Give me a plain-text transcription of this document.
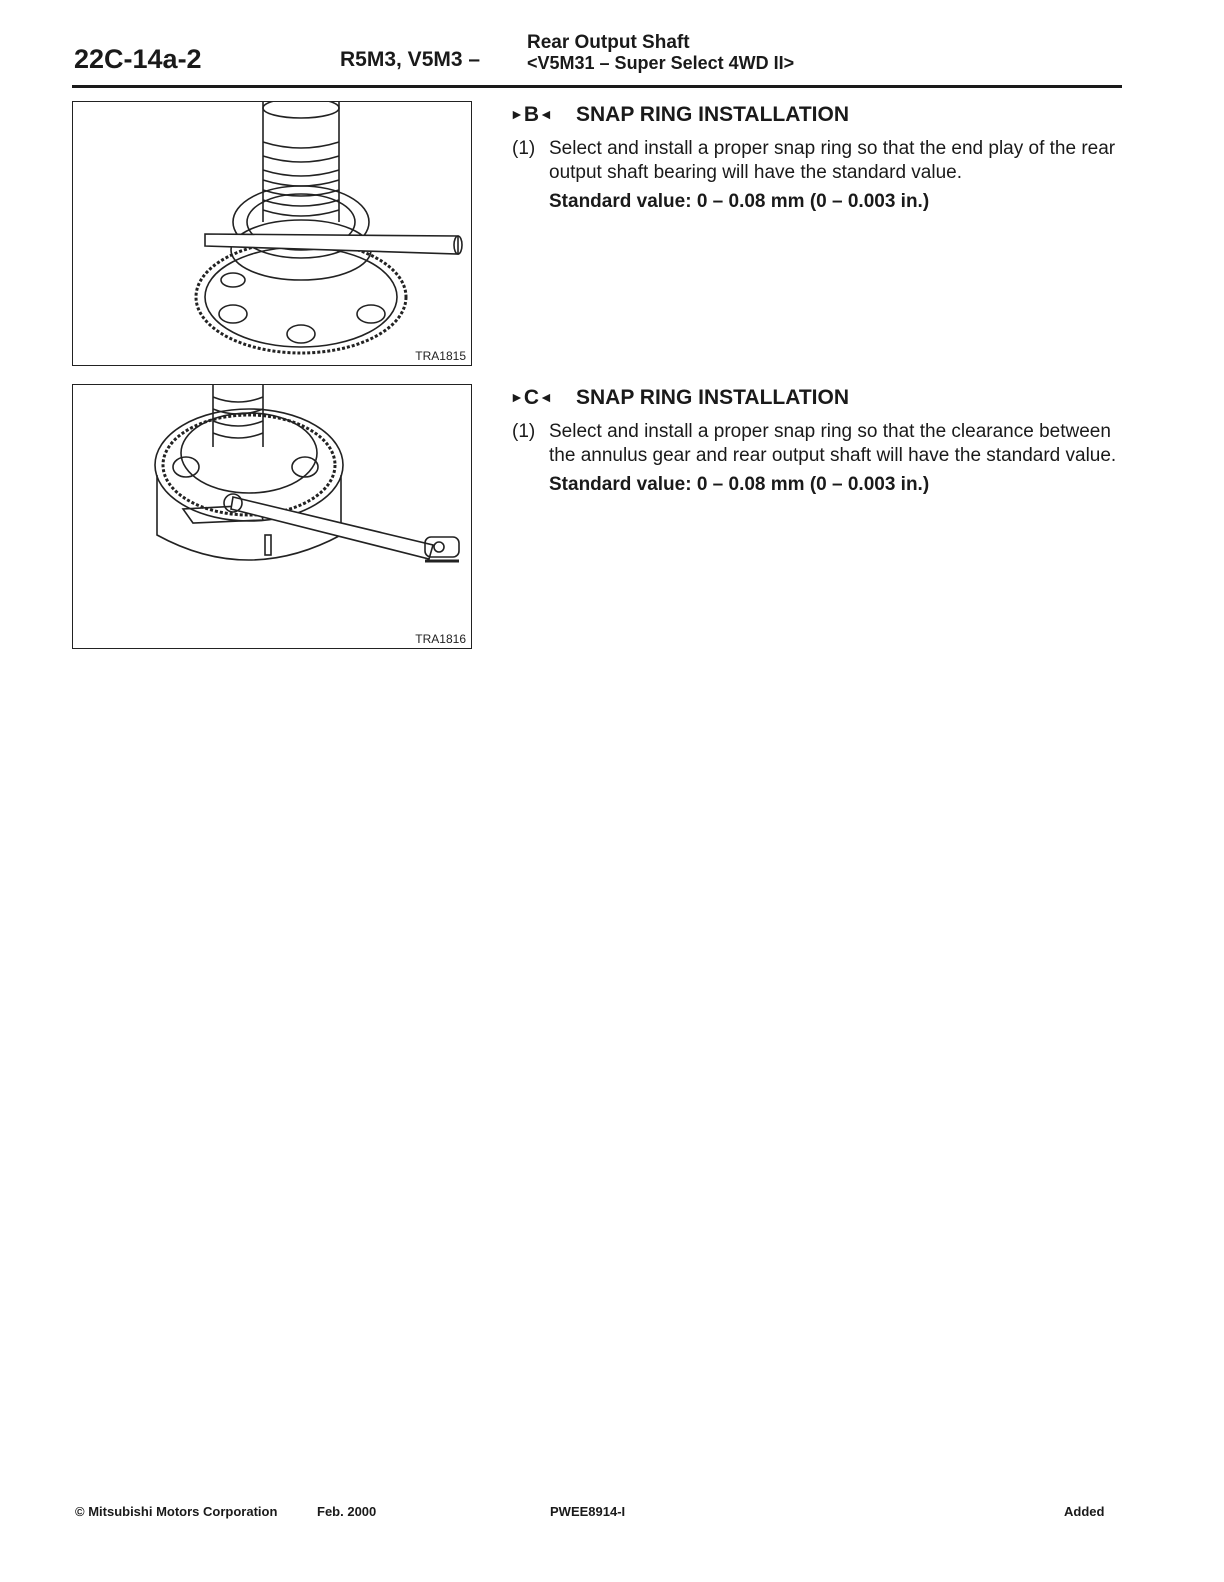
22C-14a-2	R5M3, V5M3 –
Rear Output Shaft
<V5M31 – Super Select 4WD II>
TRA1815
TRA1816
►B◄	SNAP RING INSTALLATION
(1) Select and install a proper snap ring so that the end play of the rear output shaft bearing will have the standard value.
Standard value: 0 – 0.08 mm (0 – 0.003 in.)
►C◄	SNAP RING INSTALLATION
(1) Select and install a proper snap ring so that the clearance between the annulus gear and rear output shaft will have the standard value.
Standard value: 0 – 0.08 mm (0 – 0.003 in.)
© Mitsubishi Motors Corporation	Feb. 2000	PWEE8914-I	Added
